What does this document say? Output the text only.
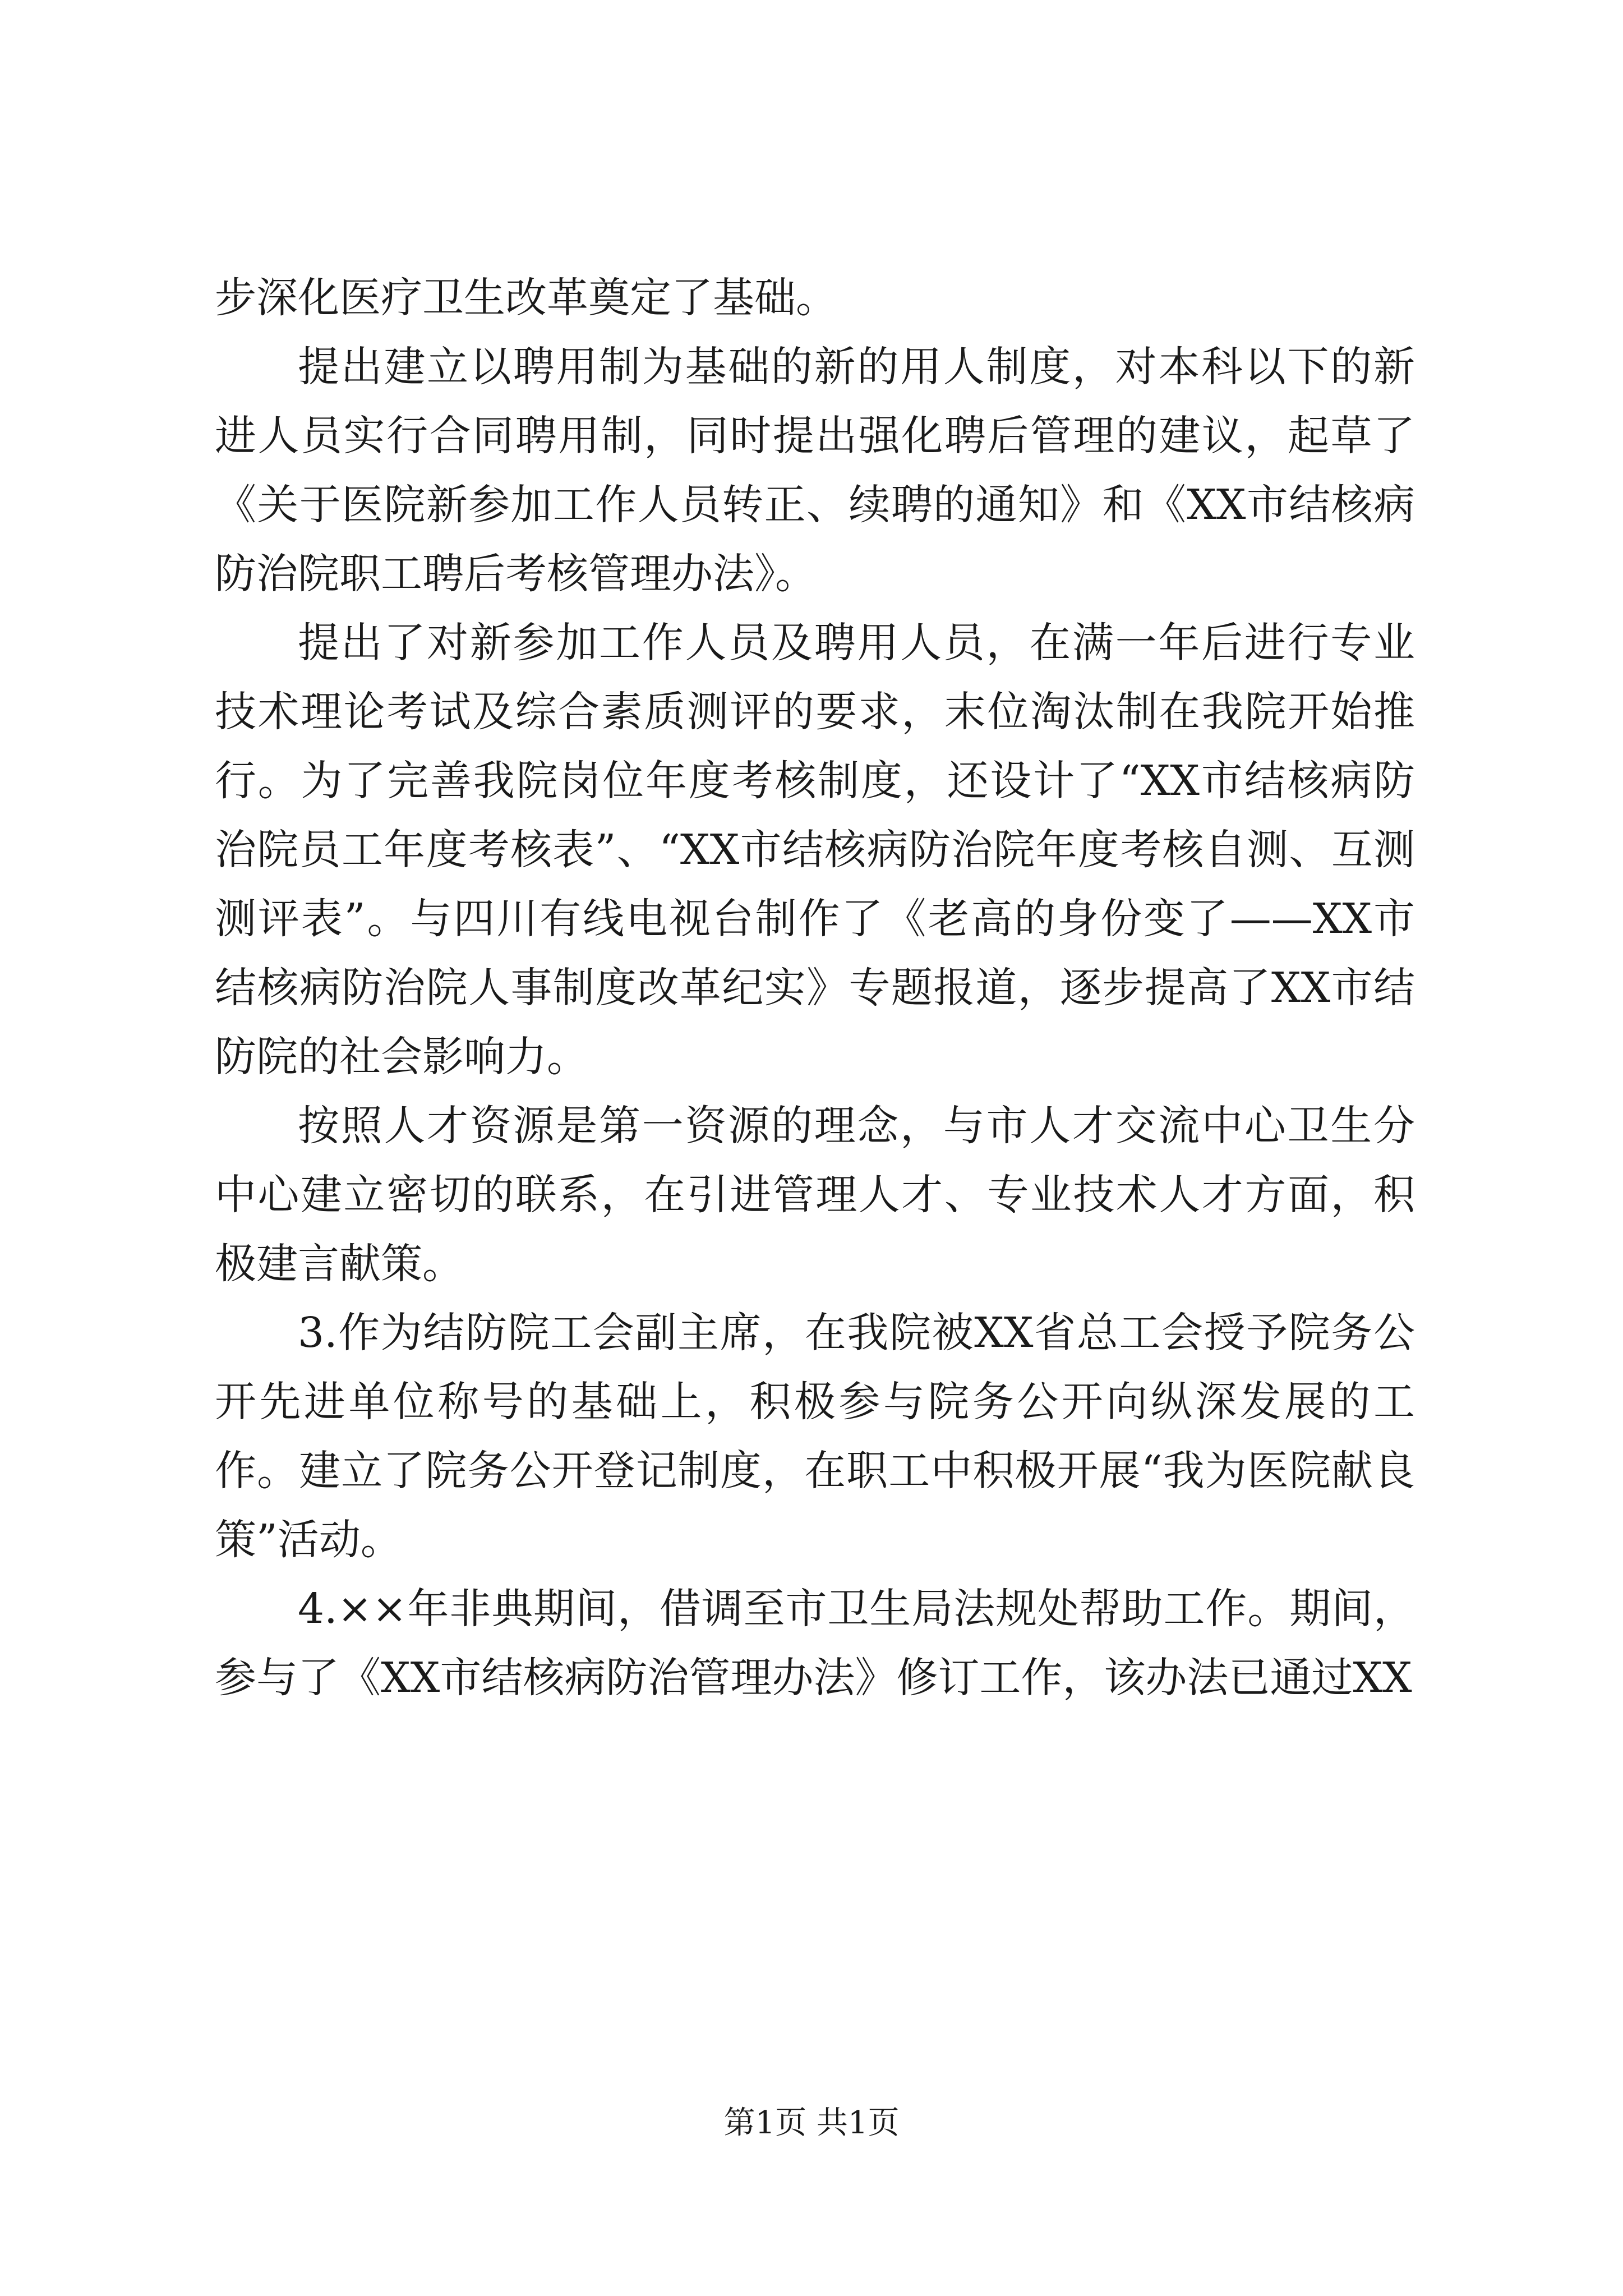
步深化医疗卫生改革奠定了基础。

提出建立以聘用制为基础的新的用人制度，对本科以下的新进人员实行合同聘用制，同时提出强化聘后管理的建议，起草了《关于医院新参加工作人员转正、续聘的通知》和《XX市结核病防治院职工聘后考核管理办法》。

提出了对新参加工作人员及聘用人员，在满一年后进行专业技术理论考试及综合素质测评的要求，末位淘汰制在我院开始推行。为了完善我院岗位年度考核制度，还设计了“XX市结核病防治院员工年度考核表”、“XX市结核病防治院年度考核自测、互测测评表”。与四川有线电视台制作了《老高的身份变了——XX市结核病防治院人事制度改革纪实》专题报道，逐步提高了XX市结防院的社会影响力。

按照人才资源是第一资源的理念，与市人才交流中心卫生分中心建立密切的联系，在引进管理人才、专业技术人才方面，积极建言献策。

3.作为结防院工会副主席，在我院被XX省总工会授予院务公开先进单位称号的基础上，积极参与院务公开向纵深发展的工作。建立了院务公开登记制度，在职工中积极开展“我为医院献良策”活动。

4.××年非典期间，借调至市卫生局法规处帮助工作。期间，参与了《XX市结核病防治管理办法》修订工作，该办法已通过XX

第1页 共1页
